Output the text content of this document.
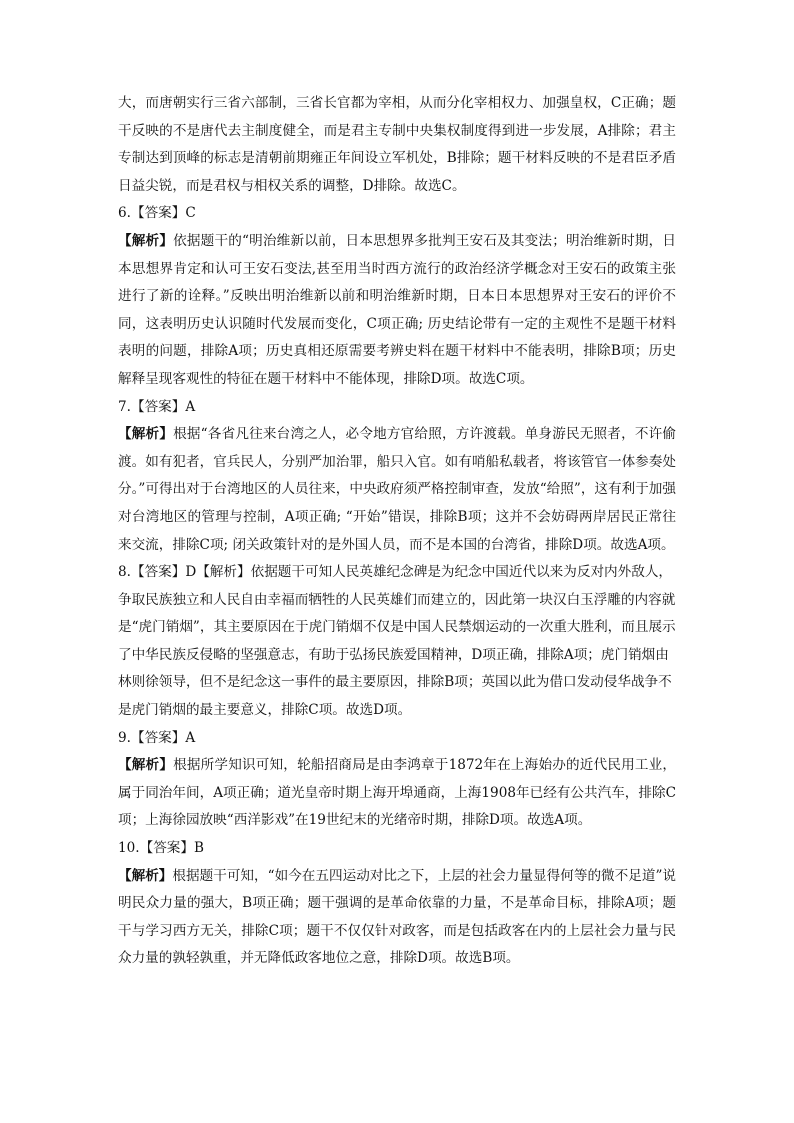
大，而唐朝实行三省六部制，三省长官都为宰相，从而分化宰相权力、加强皇权，C正确；题干反映的不是唐代去主制度健全，而是君主专制中央集权制度得到进一步发展，A排除；君主专制达到顶峰的标志是清朝前期雍正年间设立军机处，B排除；题干材料反映的不是君臣矛盾日益尖锐，而是君权与相权关系的调整，D排除。故选C。

6.【答案】C

【解析】依据题干的“明治维新以前，日本思想界多批判王安石及其变法；明治维新时期，日本思想界肯定和认可王安石变法,甚至用当时西方流行的政治经济学概念对王安石的政策主张进行了新的诠释。”反映出明治维新以前和明治维新时期，日本日本思想界对王安石的评价不同，这表明历史认识随时代发展而变化，C项正确; 历史结论带有一定的主观性不是题干材料表明的问题，排除A项；历史真相还原需要考辨史料在题干材料中不能表明，排除B项；历史解释呈现客观性的特征在题干材料中不能体现，排除D项。故选C项。

7.【答案】A

【解析】根据“各省凡往来台湾之人，必令地方官给照，方许渡载。单身游民无照者，不许偷渡。如有犯者，官兵民人，分别严加治罪，船只入官。如有哨船私载者，将该管官一体参奏处分。”可得出对于台湾地区的人员往来，中央政府须严格控制审查，发放“给照”，这有利于加强对台湾地区的管理与控制，A项正确; “开始”错误，排除B项；这并不会妨碍两岸居民正常往来交流，排除C项; 闭关政策针对的是外国人员，而不是本国的台湾省，排除D项。故选A项。

8.【答案】D【解析】依据题干可知人民英雄纪念碑是为纪念中国近代以来为反对内外敌人，争取民族独立和人民自由幸福而牺牲的人民英雄们而建立的，因此第一块汉白玉浮雕的内容就是“虎门销烟”，其主要原因在于虎门销烟不仅是中国人民禁烟运动的一次重大胜利，而且展示了中华民族反侵略的坚强意志，有助于弘扬民族爱国精神，D项正确，排除A项；虎门销烟由林则徐领导，但不是纪念这一事件的最主要原因，排除B项；英国以此为借口发动侵华战争不是虎门销烟的最主要意义，排除C项。故选D项。

9.【答案】A

【解析】根据所学知识可知，轮船招商局是由李鸿章于1872年在上海始办的近代民用工业，属于同治年间，A项正确；道光皇帝时期上海开埠通商，上海1908年已经有公共汽车，排除C项；上海徐园放映“西洋影戏”在19世纪末的光绪帝时期，排除D项。故选A项。

10.【答案】B

【解析】根据题干可知，“如今在五四运动对比之下，上层的社会力量显得何等的微不足道”说明民众力量的强大，B项正确；题干强调的是革命依靠的力量，不是革命目标，排除A项；题干与学习西方无关，排除C项；题干不仅仅针对政客，而是包括政客在内的上层社会力量与民众力量的孰轻孰重，并无降低政客地位之意，排除D项。故选B项。
